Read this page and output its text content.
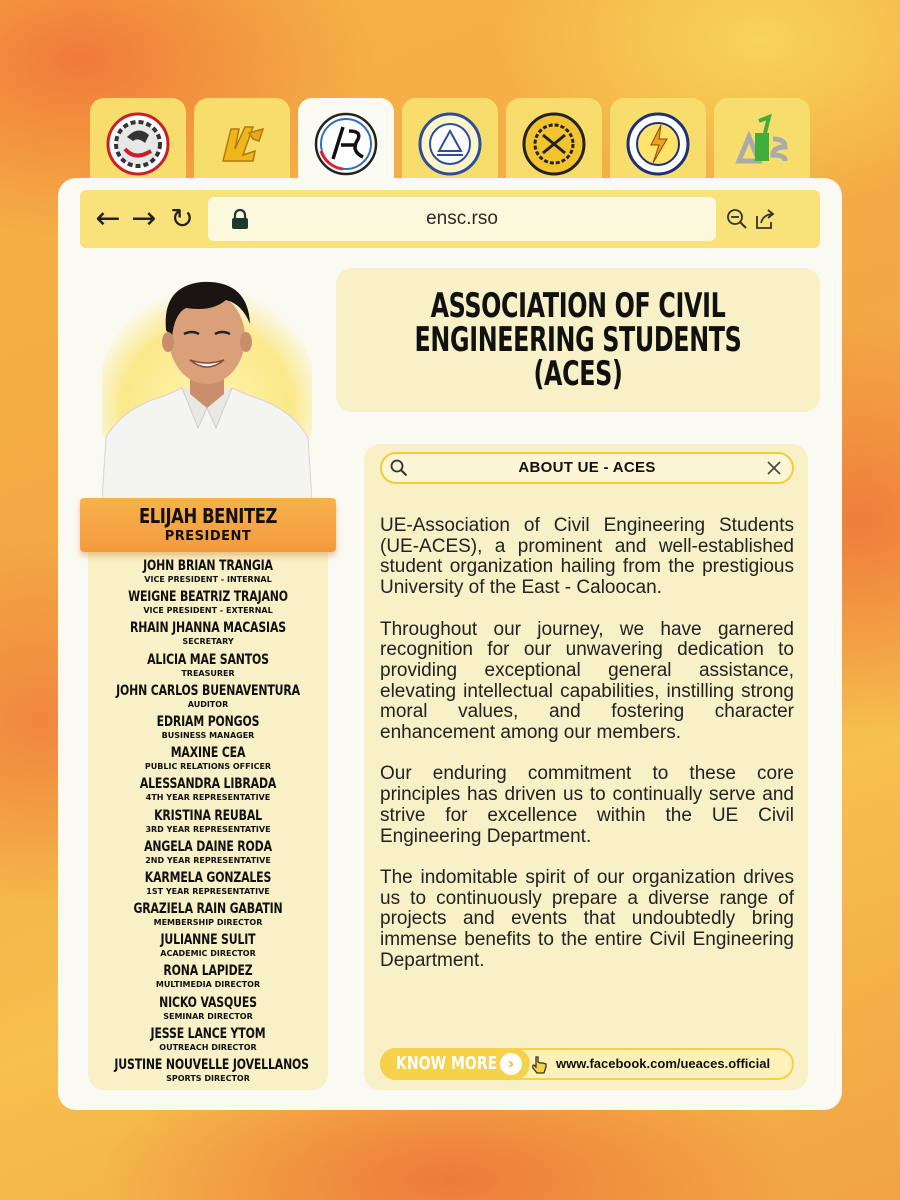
← → ↻	ensc.rso
JOHN BRIAN TRANGIA
VICE PRESIDENT - INTERNAL
WEIGNE BEATRIZ TRAJANO
VICE PRESIDENT - EXTERNAL
RHAIN JHANNA MACASIAS
SECRETARY
ALICIA MAE SANTOS
TREASURER
JOHN CARLOS BUENAVENTURA
AUDITOR
EDRIAM PONGOS
BUSINESS MANAGER
MAXINE CEA
PUBLIC RELATIONS OFFICER
ALESSANDRA LIBRADA
4TH YEAR REPRESENTATIVE
KRISTINA REUBAL
3RD YEAR REPRESENTATIVE
ANGELA DAINE RODA
2ND YEAR REPRESENTATIVE
KARMELA GONZALES
1ST YEAR REPRESENTATIVE
GRAZIELA RAIN GABATIN
MEMBERSHIP DIRECTOR
JULIANNE SULIT
ACADEMIC DIRECTOR
RONA LAPIDEZ
MULTIMEDIA DIRECTOR
NICKO VASQUES
SEMINAR DIRECTOR
JESSE LANCE YTOM
OUTREACH DIRECTOR
JUSTINE NOUVELLE JOVELLANOS
SPORTS DIRECTOR
ELIJAH BENITEZ
PRESIDENT
ASSOCIATION OF CIVIL
ENGINEERING STUDENTS
(ACES)
ABOUT UE - ACES

UE-Association of Civil Engineering Students (UE-ACES), a prominent and well-established student organization hailing from the prestigious University of the East - Caloocan.

Throughout our journey, we have garnered recognition for our unwavering dedication to providing exceptional general assistance, elevating intellectual capabilities, instilling strong moral values, and fostering character enhancement among our members.

Our enduring commitment to these core principles has driven us to continually serve and strive for excellence within the UE Civil Engineering Department.

The indomitable spirit of our organization drives us to continuously prepare a diverse range of projects and events that undoubtedly bring immense benefits to the entire Civil Engineering Department.

KNOW MORE ›	www.facebook.com/ueaces.official
